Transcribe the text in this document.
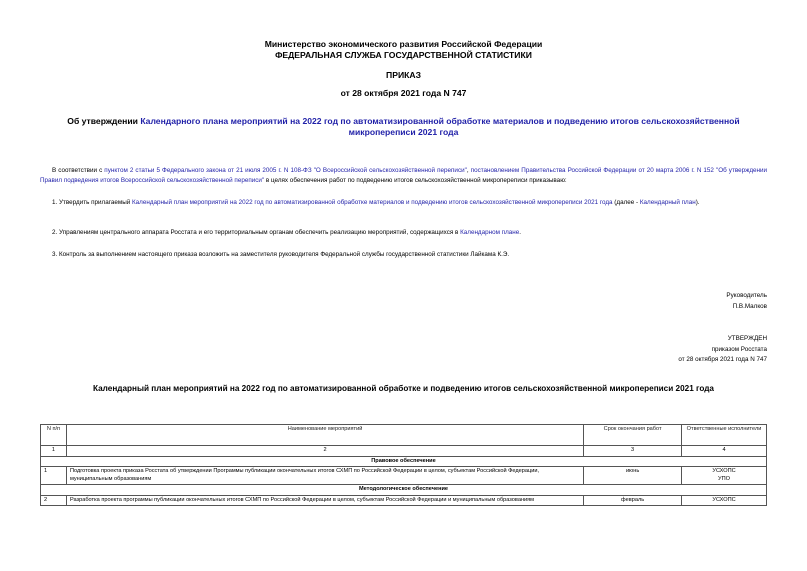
Министерство экономического развития Российской Федерации
ФЕДЕРАЛЬНАЯ СЛУЖБА ГОСУДАРСТВЕННОЙ СТАТИСТИКИ
ПРИКАЗ
от 28 октября 2021 года N 747
Об утверждении Календарного плана мероприятий на 2022 год по автоматизированной обработке материалов и подведению итогов сельскохозяйственной микропереписи 2021 года
В соответствии с пунктом 2 статьи 5 Федерального закона от 21 июля 2005 г. N 108-ФЗ "О Всероссийской сельскохозяйственной переписи", постановлением Правительства Российской Федерации от 20 марта 2006 г. N 152 "Об утверждении Правил подведения итогов Всероссийской сельскохозяйственной переписи" в целях обеспечения работ по подведению итогов сельскохозяйственной микропереписи приказываю:
1. Утвердить прилагаемый Календарный план мероприятий на 2022 год по автоматизированной обработке материалов и подведению итогов сельскохозяйственной микропереписи 2021 года (далее - Календарный план).
2. Управлениям центрального аппарата Росстата и его территориальным органам обеспечить реализацию мероприятий, содержащихся в Календарном плане.
3. Контроль за выполнением настоящего приказа возложить на заместителя руководителя Федеральной службы государственной статистики Лайкама К.Э.
Руководитель
П.В.Малков
УТВЕРЖДЕН
приказом Росстата
от 28 октября 2021 года N 747
Календарный план мероприятий на 2022 год по автоматизированной обработке и подведению итогов сельскохозяйственной микропереписи 2021 года
N п/п	Наименование мероприятий	Срок окончания работ	Ответственные исполнители
1	2	3	4
Правовое обеспечение			
1	Подготовка проекта приказа Росстата об утверждении Программы публикации окончательных итогов СХМП по Российской Федерации в целом, субъектам Российской Федерации, муниципальным образованиям	июнь	УСХОПС
УПО

Методологическое обеспечение			
2	Разработка проекта программы публикации окончательных итогов СХМП по Российской Федерации в целом, субъектам Российской Федерации и муниципальным образованиям	февраль	УСХОПС
